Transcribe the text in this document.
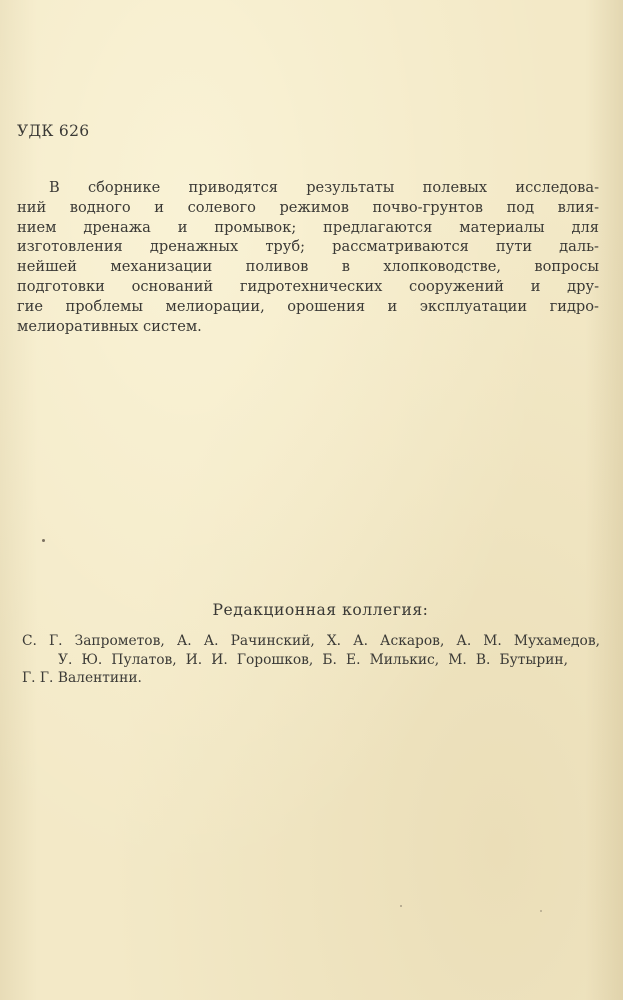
УДК 626
В сборнике приводятся результаты полевых исследова-
ний водного и солевого режимов почво-грунтов под влия-
нием дренажа и промывок; предлагаются материалы для
изготовления дренажных труб; рассматриваются пути даль-
нейшей механизации поливов в хлопководстве, вопросы
подготовки оснований гидротехнических сооружений и дру-
гие проблемы мелиорации, орошения и эксплуатации гидро-
мелиоративных систем.
Редакционная коллегия:
С. Г. Запрометов, А. А. Рачинский, Х. А. Аскаров, А. М. Мухамедов,
У. Ю. Пулатов, И. И. Горошков, Б. Е. Милькис, М. В. Бутырин,
Г. Г. Валентини.
